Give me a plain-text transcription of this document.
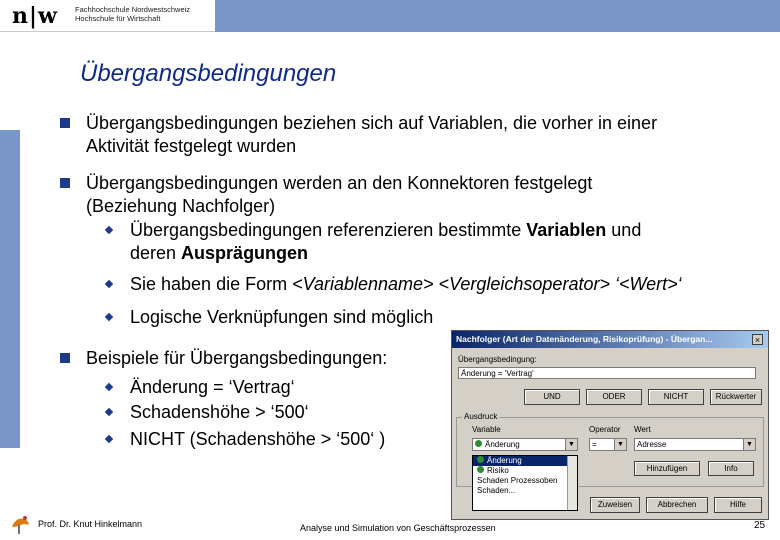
n|w Fachhochschule Nordwestschweiz
Hochschule für Wirtschaft
Übergangsbedingungen
Übergangsbedingungen beziehen sich auf Variablen, die vorher in einer
Aktivität festgelegt wurden
Übergangsbedingungen werden an den Konnektoren festgelegt
(Beziehung Nachfolger)
Übergangsbedingungen referenzieren bestimmte Variablen und
deren Ausprägungen
Sie haben die Form <Variablenname> <Vergleichsoperator> ‘<Wert>‘
Logische Verknüpfungen sind möglich
Beispiele für Übergangsbedingungen:
Änderung = ‘Vertrag‘
Schadenshöhe > ‘500‘
NICHT (Schadenshöhe > ‘500‘ )
Nachfolger (Art der Datenänderung, Risikoprüfung) - Übergan...	×
Übergangsbedingung:
Änderung = 'Vertrag'
UND	ODER	NICHT	Rückwerter
Ausdruck
Variable	Operator Wert
Änderung	▼	=	▼	Adresse	▼
Änderung
Risiko
Schaden Prozessoben
Schaden...
Hinzufügen	Info
Zuweisen	Abbrechen	Hilfe
Prof. Dr. Knut Hinkelmann	Analyse und Simulation von Geschäftsprozessen	25
